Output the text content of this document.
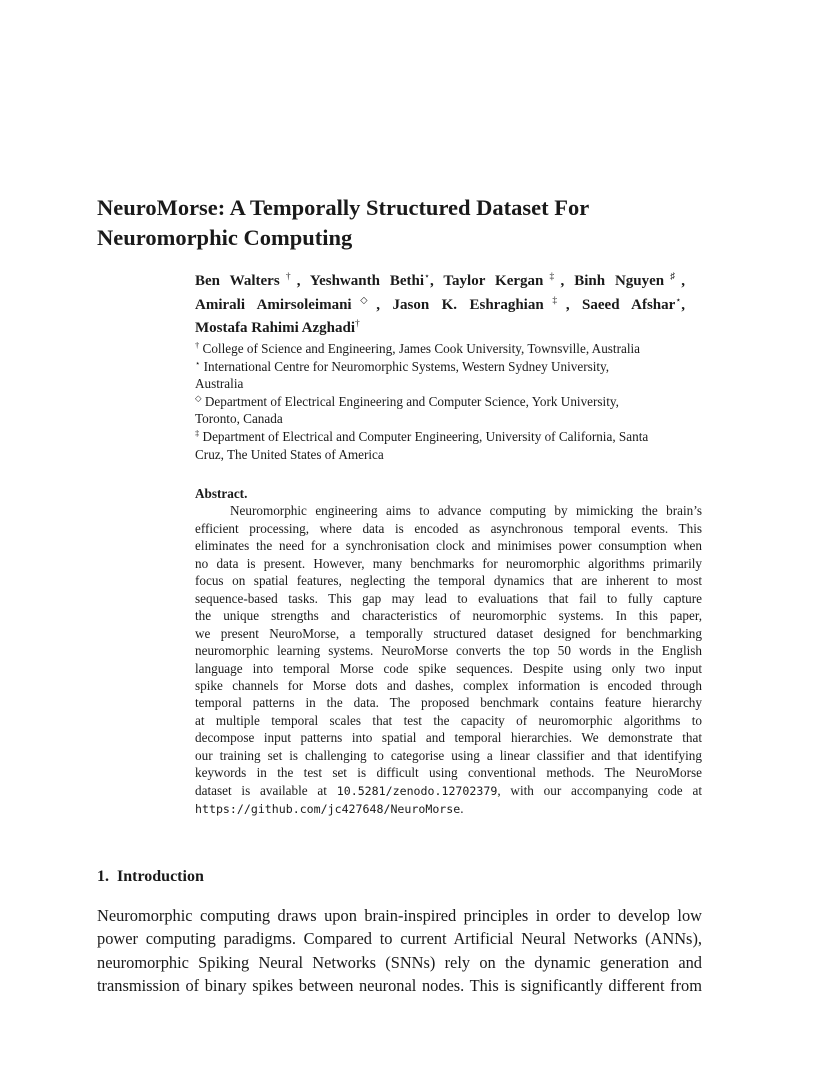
NeuroMorse: A Temporally Structured Dataset For
Neuromorphic Computing
Ben Walters†, Yeshwanth Bethi⋆, Taylor Kergan‡, Binh Nguyen♯,
Amirali Amirsoleimani◇, Jason K. Eshraghian‡, Saeed Afshar⋆,
Mostafa Rahimi Azghadi†
† College of Science and Engineering, James Cook University, Townsville, Australia
⋆ International Centre for Neuromorphic Systems, Western Sydney University,
Australia
◇ Department of Electrical Engineering and Computer Science, York University,
Toronto, Canada
‡ Department of Electrical and Computer Engineering, University of California, Santa
Cruz, The United States of America
Abstract.
Neuromorphic engineering aims to advance computing by mimicking the brain’s
efficient processing, where data is encoded as asynchronous temporal events. This
eliminates the need for a synchronisation clock and minimises power consumption when
no data is present. However, many benchmarks for neuromorphic algorithms primarily
focus on spatial features, neglecting the temporal dynamics that are inherent to most
sequence-based tasks. This gap may lead to evaluations that fail to fully capture
the unique strengths and characteristics of neuromorphic systems. In this paper,
we present NeuroMorse, a temporally structured dataset designed for benchmarking
neuromorphic learning systems. NeuroMorse converts the top 50 words in the English
language into temporal Morse code spike sequences. Despite using only two input
spike channels for Morse dots and dashes, complex information is encoded through
temporal patterns in the data. The proposed benchmark contains feature hierarchy
at multiple temporal scales that test the capacity of neuromorphic algorithms to
decompose input patterns into spatial and temporal hierarchies. We demonstrate that
our training set is challenging to categorise using a linear classifier and that identifying
keywords in the test set is difficult using conventional methods. The NeuroMorse
dataset is available at 10.5281/zenodo.12702379, with our accompanying code at
https://github.com/jc427648/NeuroMorse.
1. Introduction
Neuromorphic computing draws upon brain-inspired principles in order to develop low
power computing paradigms. Compared to current Artificial Neural Networks (ANNs),
neuromorphic Spiking Neural Networks (SNNs) rely on the dynamic generation and
transmission of binary spikes between neuronal nodes. This is significantly different from
